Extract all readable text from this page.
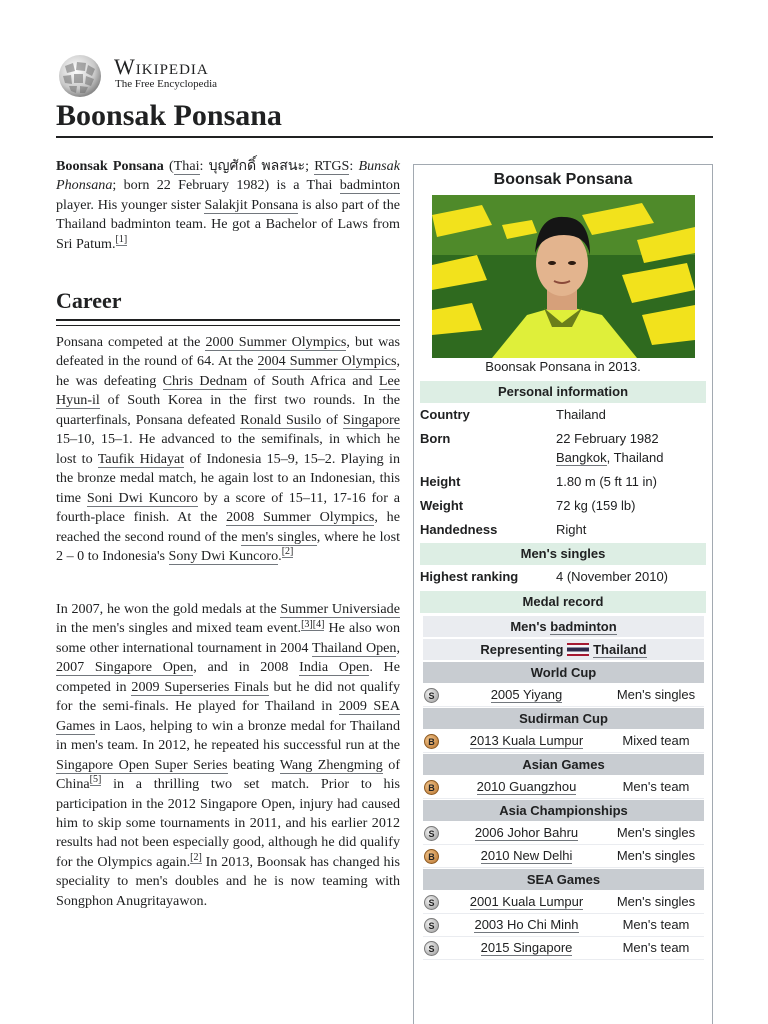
Wikipedia
The Free Encyclopedia
Boonsak Ponsana

Boonsak Ponsana (Thai: บุญศักดิ์ พลสนะ; RTGS: Bunsak Phonsana; born 22 February 1982) is a Thai badminton player. His younger sister Salakjit Ponsana is also part of the Thailand badminton team. He got a Bachelor of Laws from Sri Patum.[1]

Career

Ponsana competed at the 2000 Summer Olympics, but was defeated in the round of 64. At the 2004 Summer Olympics, he was defeating Chris Dednam of South Africa and Lee Hyun-il of South Korea in the first two rounds. In the quarterfinals, Ponsana defeated Ronald Susilo of Singapore 15–10, 15–1. He advanced to the semifinals, in which he lost to Taufik Hidayat of Indonesia 15–9, 15–2. Playing in the bronze medal match, he again lost to an Indonesian, this time Soni Dwi Kuncoro by a score of 15–11, 17-16 for a fourth-place finish. At the 2008 Summer Olympics, he reached the second round of the men's singles, where he lost 2 – 0 to Indonesia's Sony Dwi Kuncoro.[2]

In 2007, he won the gold medals at the Summer Universiade in the men's singles and mixed team event.[3][4] He also won some other international tournament in 2004 Thailand Open, 2007 Singapore Open, and in 2008 India Open. He competed in 2009 Superseries Finals but he did not qualify for the semi-finals. He played for Thailand in 2009 SEA Games in Laos, helping to win a bronze medal for Thailand in men's team. In 2012, he repeated his successful run at the Singapore Open Super Series beating Wang Zhengming of China[5] in a thrilling two set match. Prior to his participation in the 2012 Singapore Open, injury had caused him to skip some tournaments in 2011, and his earlier 2012 results had not been especially good, although he did qualify for the Olympics again.[2] In 2013, Boonsak has changed his speciality to men's doubles and he is now teaming with Songphon Anugritayawon.

Boonsak Ponsana
Boonsak Ponsana in 2013.
Personal information
Country	Thailand
Born	22 February 1982
Bangkok, Thailand
Height	1.80 m (5 ft 11 in)
Weight	72 kg (159 lb)
Handedness	Right
Men's singles
Highest ranking	4 (November 2010)
Medal record
Men's badminton
Representing Thailand
World Cup
S	2005 Yiyang	Men's singles
Sudirman Cup
B	2013 Kuala Lumpur	Mixed team
Asian Games
B	2010 Guangzhou	Men's team
Asia Championships
S	2006 Johor Bahru	Men's singles
B	2010 New Delhi	Men's singles
SEA Games
S	2001 Kuala Lumpur	Men's singles
S	2003 Ho Chi Minh	Men's team
S	2015 Singapore	Men's team
